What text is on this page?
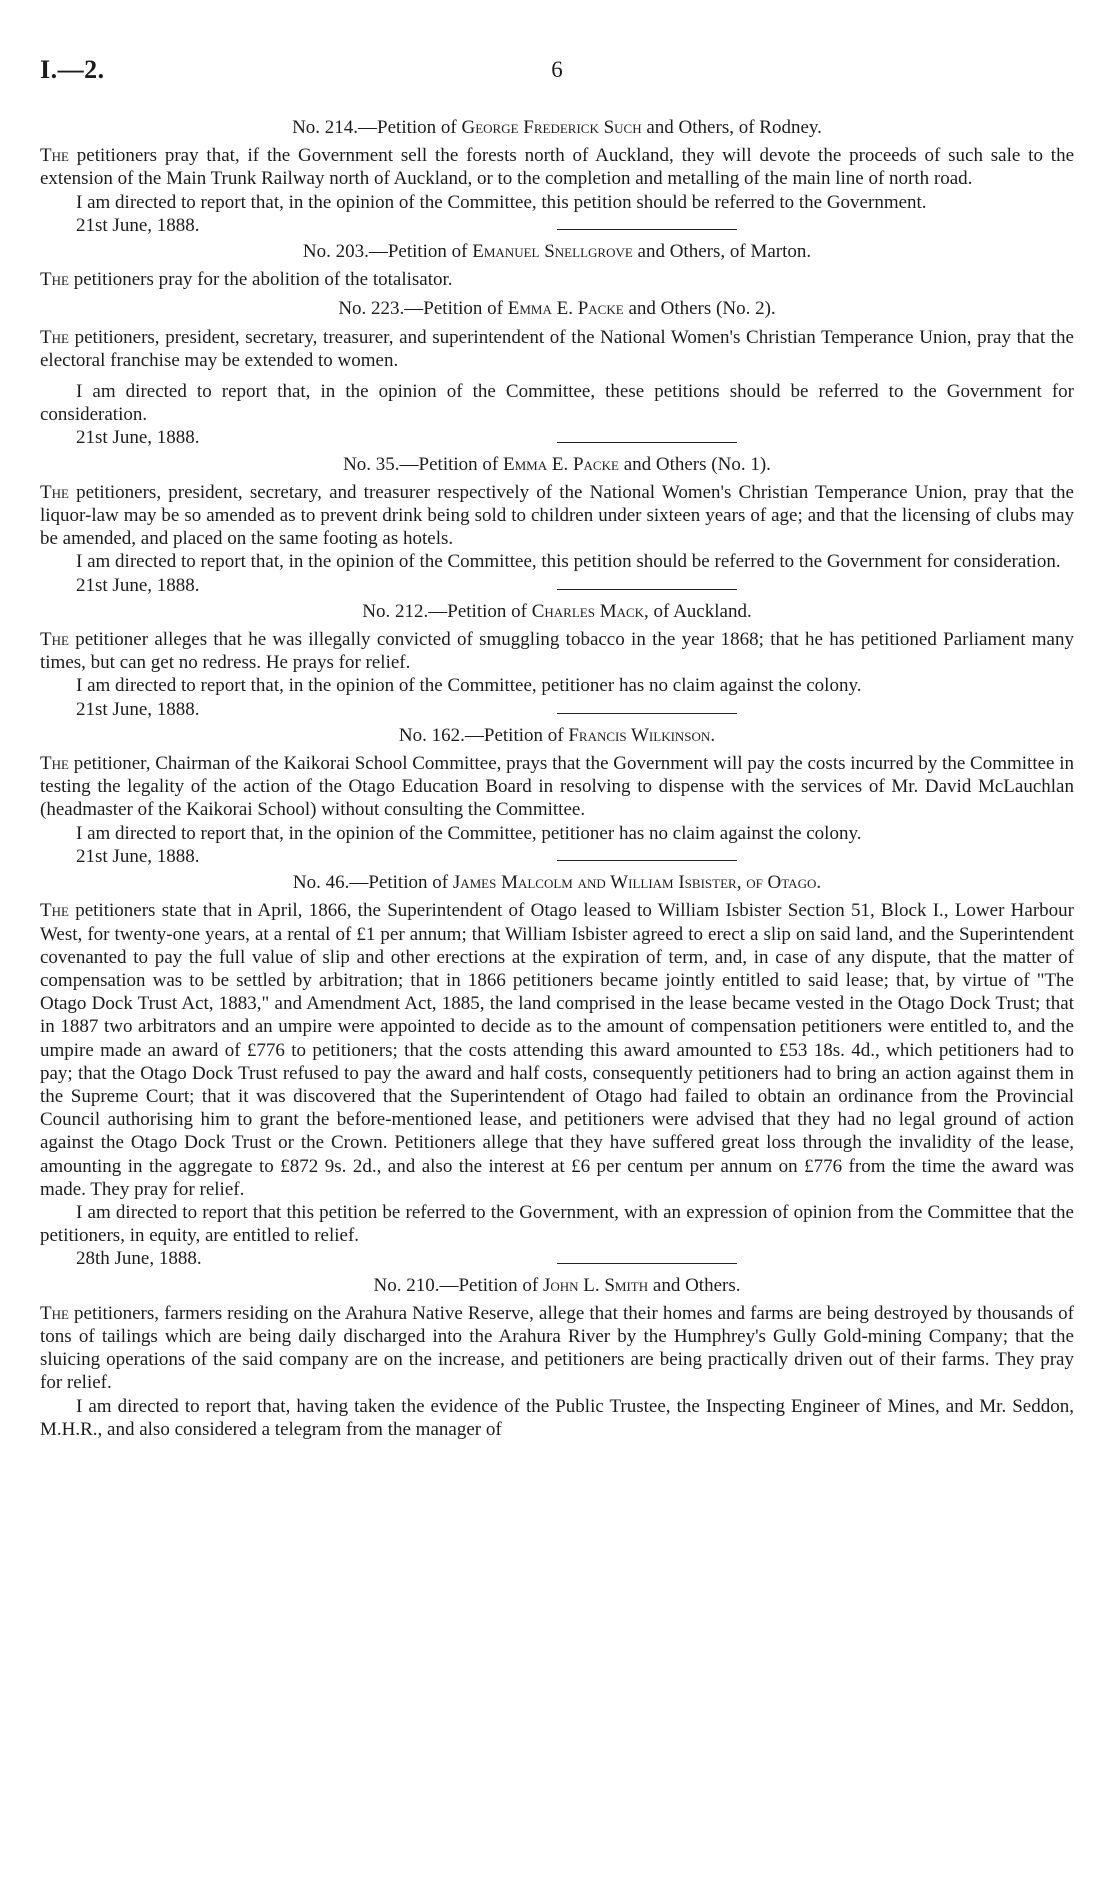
I.—2.	6
No. 214.—Petition of George Frederick Such and Others, of Rodney.

The petitioners pray that, if the Government sell the forests north of Auckland, they will devote the proceeds of such sale to the extension of the Main Trunk Railway north of Auckland, or to the completion and metalling of the main line of north road.

I am directed to report that, in the opinion of the Committee, this petition should be referred to the Government.

21st June, 1888.
No. 203.—Petition of Emanuel Snellgrove and Others, of Marton.

The petitioners pray for the abolition of the totalisator.

No. 223.—Petition of Emma E. Packe and Others (No. 2).

The petitioners, president, secretary, treasurer, and superintendent of the National Women's Christian Temperance Union, pray that the electoral franchise may be extended to women.

I am directed to report that, in the opinion of the Committee, these petitions should be referred to the Government for consideration.

21st June, 1888.
No. 35.—Petition of Emma E. Packe and Others (No. 1).

The petitioners, president, secretary, and treasurer respectively of the National Women's Christian Temperance Union, pray that the liquor-law may be so amended as to prevent drink being sold to children under sixteen years of age; and that the licensing of clubs may be amended, and placed on the same footing as hotels.

I am directed to report that, in the opinion of the Committee, this petition should be referred to the Government for consideration.

21st June, 1888.
No. 212.—Petition of Charles Mack, of Auckland.

The petitioner alleges that he was illegally convicted of smuggling tobacco in the year 1868; that he has petitioned Parliament many times, but can get no redress. He prays for relief.

I am directed to report that, in the opinion of the Committee, petitioner has no claim against the colony.

21st June, 1888.
No. 162.—Petition of Francis Wilkinson.

The petitioner, Chairman of the Kaikorai School Committee, prays that the Government will pay the costs incurred by the Committee in testing the legality of the action of the Otago Education Board in resolving to dispense with the services of Mr. David McLauchlan (headmaster of the Kaikorai School) without consulting the Committee.

I am directed to report that, in the opinion of the Committee, petitioner has no claim against the colony.

21st June, 1888.
No. 46.—Petition of James Malcolm and William Isbister, of Otago.

The petitioners state that in April, 1866, the Superintendent of Otago leased to William Isbister Section 51, Block I., Lower Harbour West, for twenty-one years, at a rental of £1 per annum; that William Isbister agreed to erect a slip on said land, and the Superintendent covenanted to pay the full value of slip and other erections at the expiration of term, and, in case of any dispute, that the matter of compensation was to be settled by arbitration; that in 1866 petitioners became jointly entitled to said lease; that, by virtue of "The Otago Dock Trust Act, 1883," and Amendment Act, 1885, the land comprised in the lease became vested in the Otago Dock Trust; that in 1887 two arbitrators and an umpire were appointed to decide as to the amount of compensation petitioners were entitled to, and the umpire made an award of £776 to petitioners; that the costs attending this award amounted to £53 18s. 4d., which petitioners had to pay; that the Otago Dock Trust refused to pay the award and half costs, consequently petitioners had to bring an action against them in the Supreme Court; that it was discovered that the Superintendent of Otago had failed to obtain an ordinance from the Provincial Council authorising him to grant the before-mentioned lease, and petitioners were advised that they had no legal ground of action against the Otago Dock Trust or the Crown. Petitioners allege that they have suffered great loss through the invalidity of the lease, amounting in the aggregate to £872 9s. 2d., and also the interest at £6 per centum per annum on £776 from the time the award was made. They pray for relief.

I am directed to report that this petition be referred to the Government, with an expression of opinion from the Committee that the petitioners, in equity, are entitled to relief.

28th June, 1888.
No. 210.—Petition of John L. Smith and Others.

The petitioners, farmers residing on the Arahura Native Reserve, allege that their homes and farms are being destroyed by thousands of tons of tailings which are being daily discharged into the Arahura River by the Humphrey's Gully Gold-mining Company; that the sluicing operations of the said company are on the increase, and petitioners are being practically driven out of their farms. They pray for relief.

I am directed to report that, having taken the evidence of the Public Trustee, the Inspecting Engineer of Mines, and Mr. Seddon, M.H.R., and also considered a telegram from the manager of
